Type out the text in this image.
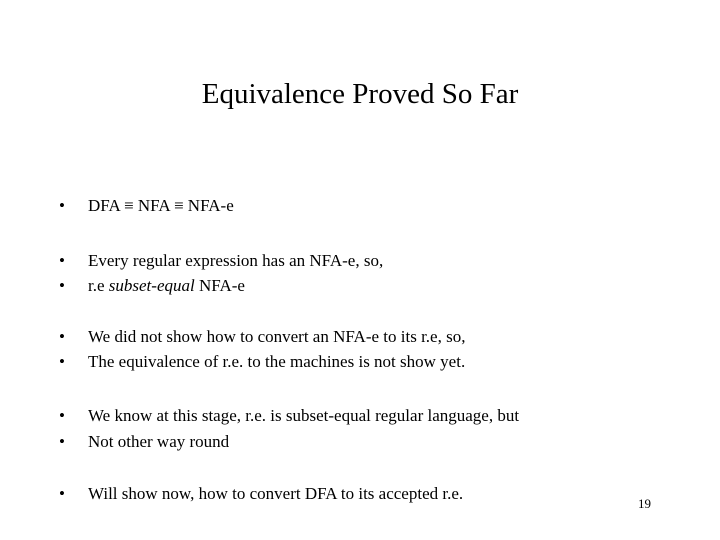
Equivalence Proved So Far
• DFA ≡ NFA ≡ NFA-e
• Every regular expression has an NFA-e, so,
• r.e subset-equal NFA-e
• We did not show how to convert an NFA-e to its r.e, so,
• The equivalence of r.e. to the machines is not show yet.
• We know at this stage, r.e. is subset-equal regular language, but
• Not other way round
• Will show now, how to convert DFA to its accepted r.e.
19
